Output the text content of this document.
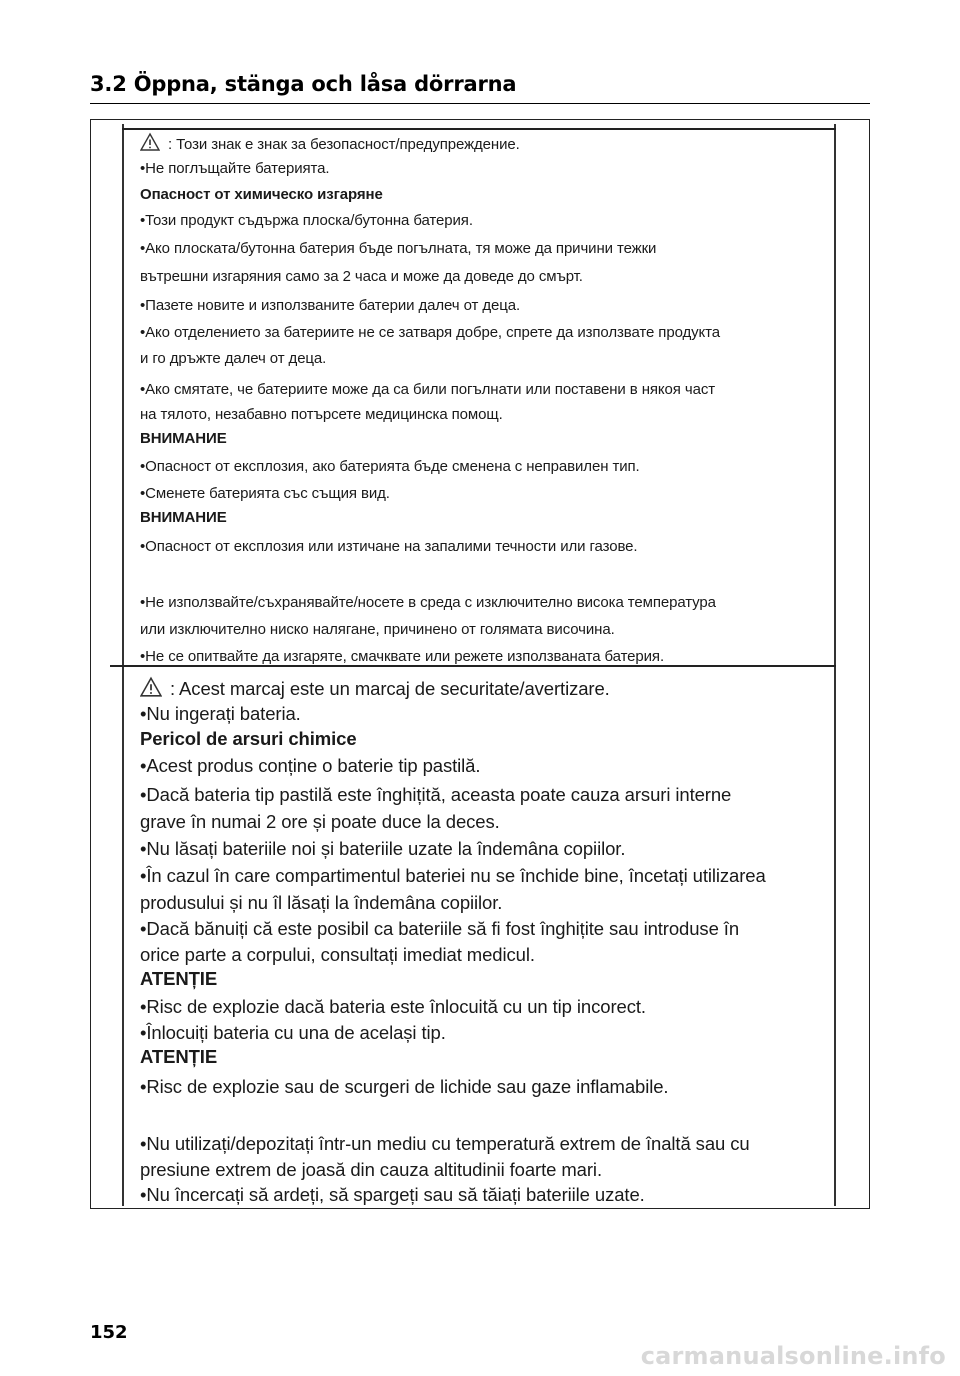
3.2 Öppna, stänga och låsa dörrarna
: Този знак е знак за безопасност/предупреждение.
•Не поглъщайте батерията.
Опасност от химическо изгаряне
•Този продукт съдържа плоска/бутонна батерия.
•Ако плоската/бутонна батерия бъде погълната, тя може да причини тежки
вътрешни изгаряния само за 2 часа и може да доведе до смърт.
•Пазете новите и използваните батерии далеч от деца.
•Ако отделението за батериите не се затваря добре, спрете да използвате продукта
и го дръжте далеч от деца.
•Ако смятате, че батериите може да са били погълнати или поставени в някоя част
на тялото, незабавно потърсете медицинска помощ.
ВНИМАНИЕ
•Опасност от експлозия, ако батерията бъде сменена с неправилен тип.
•Сменете батерията със същия вид.
ВНИМАНИЕ
•Опасност от експлозия или изтичане на запалими течности или газове.
•Не използвайте/съхранявайте/носете в среда с изключително висока температура
или изключително ниско налягане, причинено от голямата височина.
•Не се опитвайте да изгаряте, смачквате или режете използваната батерия.
: Acest marcaj este un marcaj de securitate/avertizare.
•Nu ingerați bateria.
Pericol de arsuri chimice
•Acest produs conține o baterie tip pastilă.
•Dacă bateria tip pastilă este înghițită, aceasta poate cauza arsuri interne
grave în numai 2 ore și poate duce la deces.
•Nu lăsați bateriile noi și bateriile uzate la îndemâna copiilor.
•În cazul în care compartimentul bateriei nu se închide bine, încetați utilizarea
produsului și nu îl lăsați la îndemâna copiilor.
•Dacă bănuiți că este posibil ca bateriile să fi fost înghițite sau introduse în
orice parte a corpului, consultați imediat medicul.
ATENȚIE
•Risc de explozie dacă bateria este înlocuită cu un tip incorect.
•Înlocuiți bateria cu una de același tip.
ATENȚIE
•Risc de explozie sau de scurgeri de lichide sau gaze inflamabile.
•Nu utilizați/depozitați într-un mediu cu temperatură extrem de înaltă sau cu
presiune extrem de joasă din cauza altitudinii foarte mari.
•Nu încercați să ardeți, să spargeți sau să tăiați bateriile uzate.
152
carmanualsonline.info
